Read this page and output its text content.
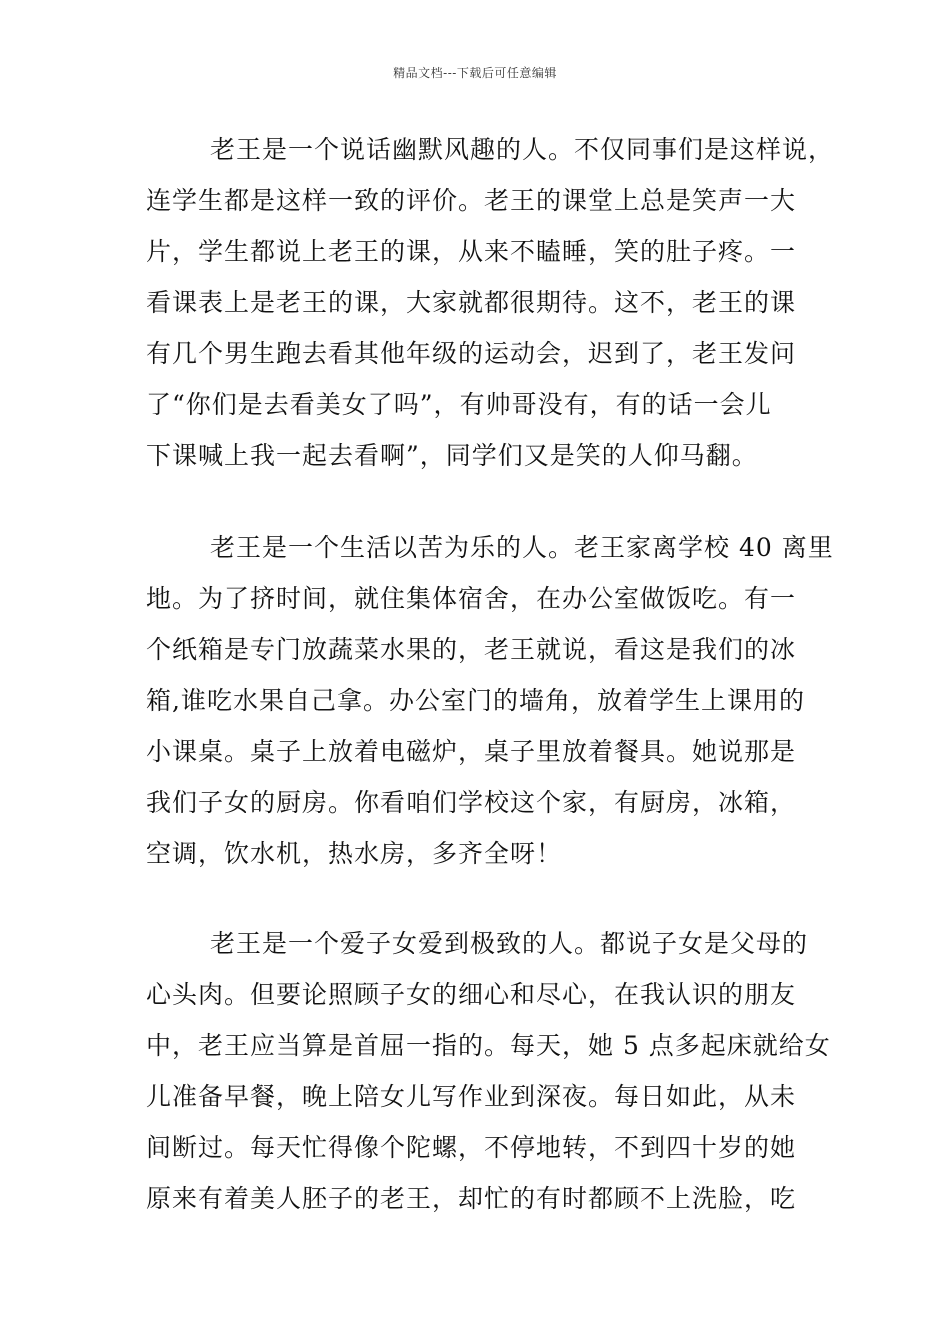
精品文档---下载后可任意编辑
老王是一个说话幽默风趣的人。不仅同事们是这样说，
连学生都是这样一致的评价。老王的课堂上总是笑声一大
片，学生都说上老王的课，从来不瞌睡，笑的肚子疼。一
看课表上是老王的课，大家就都很期待。这不，老王的课
有几个男生跑去看其他年级的运动会，迟到了，老王发问
了“你们是去看美女了吗”，有帅哥没有，有的话一会儿
下课喊上我一起去看啊”，同学们又是笑的人仰马翻。
老王是一个生活以苦为乐的人。老王家离学校 40 离里
地。为了挤时间，就住集体宿舍，在办公室做饭吃。有一
个纸箱是专门放蔬菜水果的，老王就说，看这是我们的冰
箱,谁吃水果自己拿。办公室门的墙角，放着学生上课用的
小课桌。桌子上放着电磁炉，桌子里放着餐具。她说那是
我们子女的厨房。你看咱们学校这个家，有厨房，冰箱，
空调，饮水机，热水房，多齐全呀！
老王是一个爱子女爱到极致的人。都说子女是父母的
心头肉。但要论照顾子女的细心和尽心，在我认识的朋友
中，老王应当算是首屈一指的。每天，她 5 点多起床就给女
儿准备早餐，晚上陪女儿写作业到深夜。每日如此，从未
间断过。每天忙得像个陀螺，不停地转，不到四十岁的她
原来有着美人胚子的老王，却忙的有时都顾不上洗脸，吃
